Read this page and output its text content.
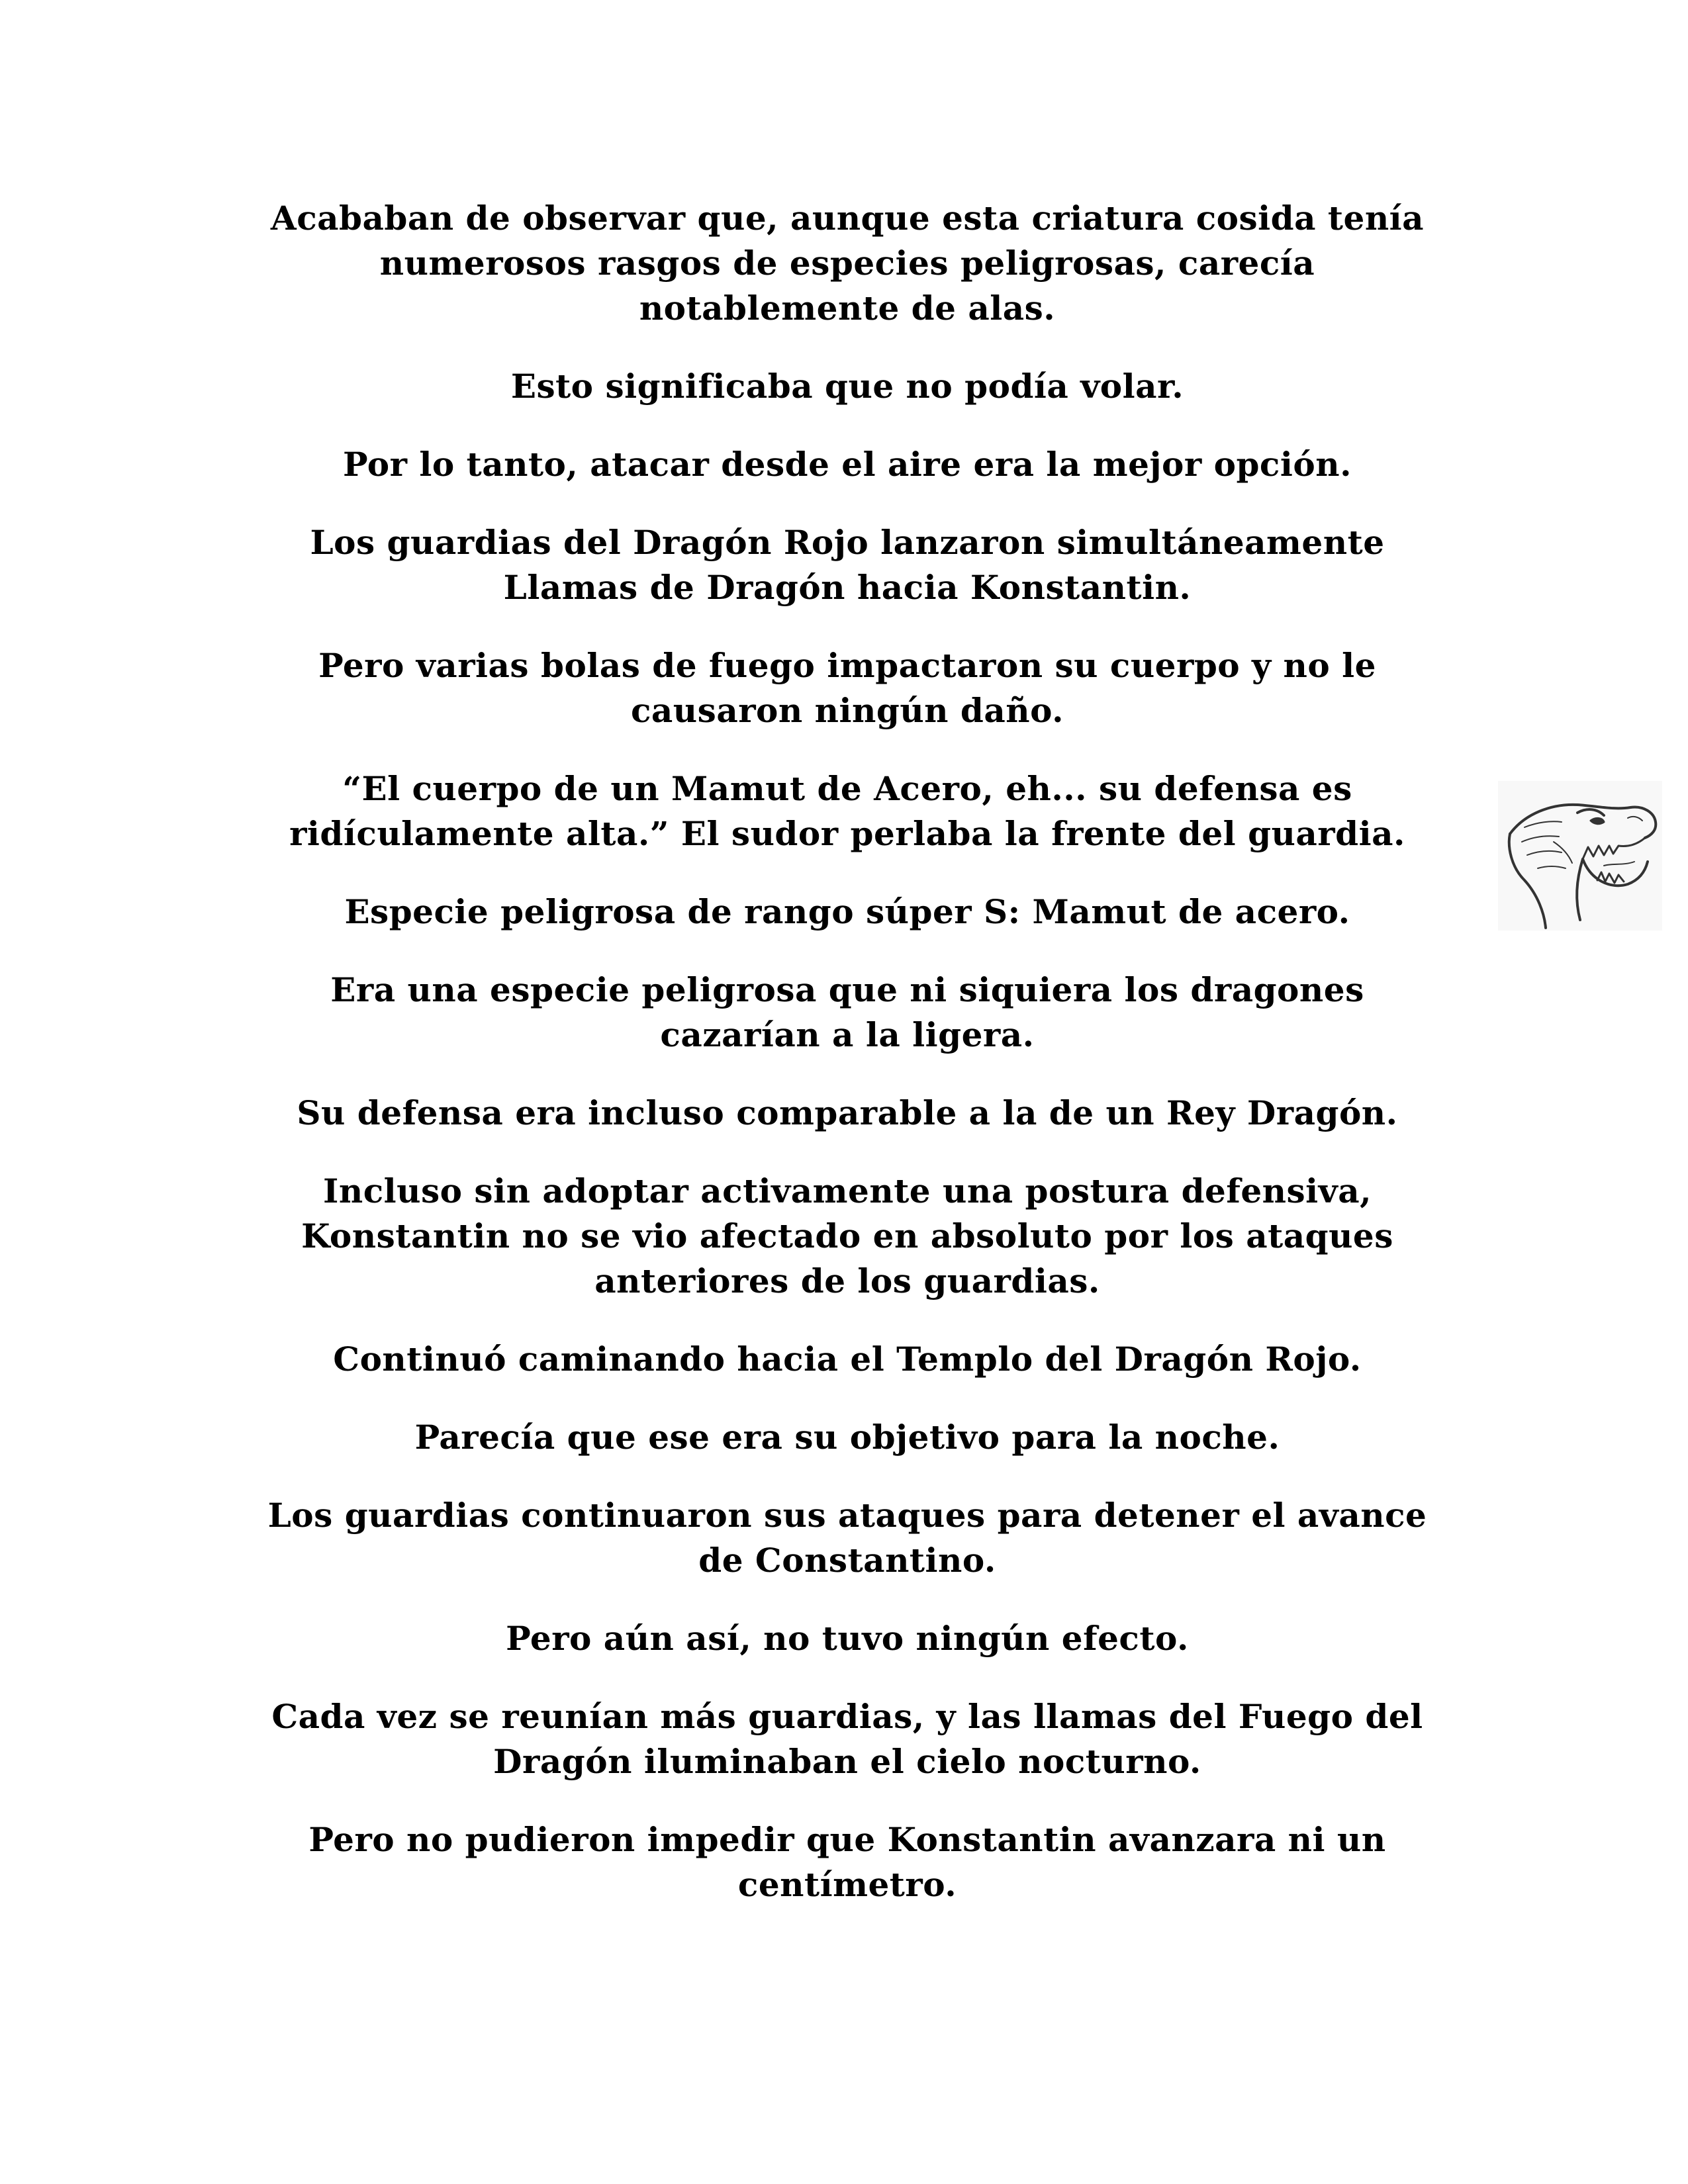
Acababan de observar que, aunque esta criatura cosida tenía
numerosos rasgos de especies peligrosas, carecía
notablemente de alas.

Esto significaba que no podía volar.

Por lo tanto, atacar desde el aire era la mejor opción.

Los guardias del Dragón Rojo lanzaron simultáneamente
Llamas de Dragón hacia Konstantin.

Pero varias bolas de fuego impactaron su cuerpo y no le
causaron ningún daño.

“El cuerpo de un Mamut de Acero, eh... su defensa es
ridículamente alta.” El sudor perlaba la frente del guardia.

Especie peligrosa de rango súper S: Mamut de acero.

Era una especie peligrosa que ni siquiera los dragones
cazarían a la ligera.

Su defensa era incluso comparable a la de un Rey Dragón.

Incluso sin adoptar activamente una postura defensiva,
Konstantin no se vio afectado en absoluto por los ataques
anteriores de los guardias.

Continuó caminando hacia el Templo del Dragón Rojo.

Parecía que ese era su objetivo para la noche.

Los guardias continuaron sus ataques para detener el avance
de Constantino.

Pero aún así, no tuvo ningún efecto.

Cada vez se reunían más guardias, y las llamas del Fuego del
Dragón iluminaban el cielo nocturno.

Pero no pudieron impedir que Konstantin avanzara ni un
centímetro.
